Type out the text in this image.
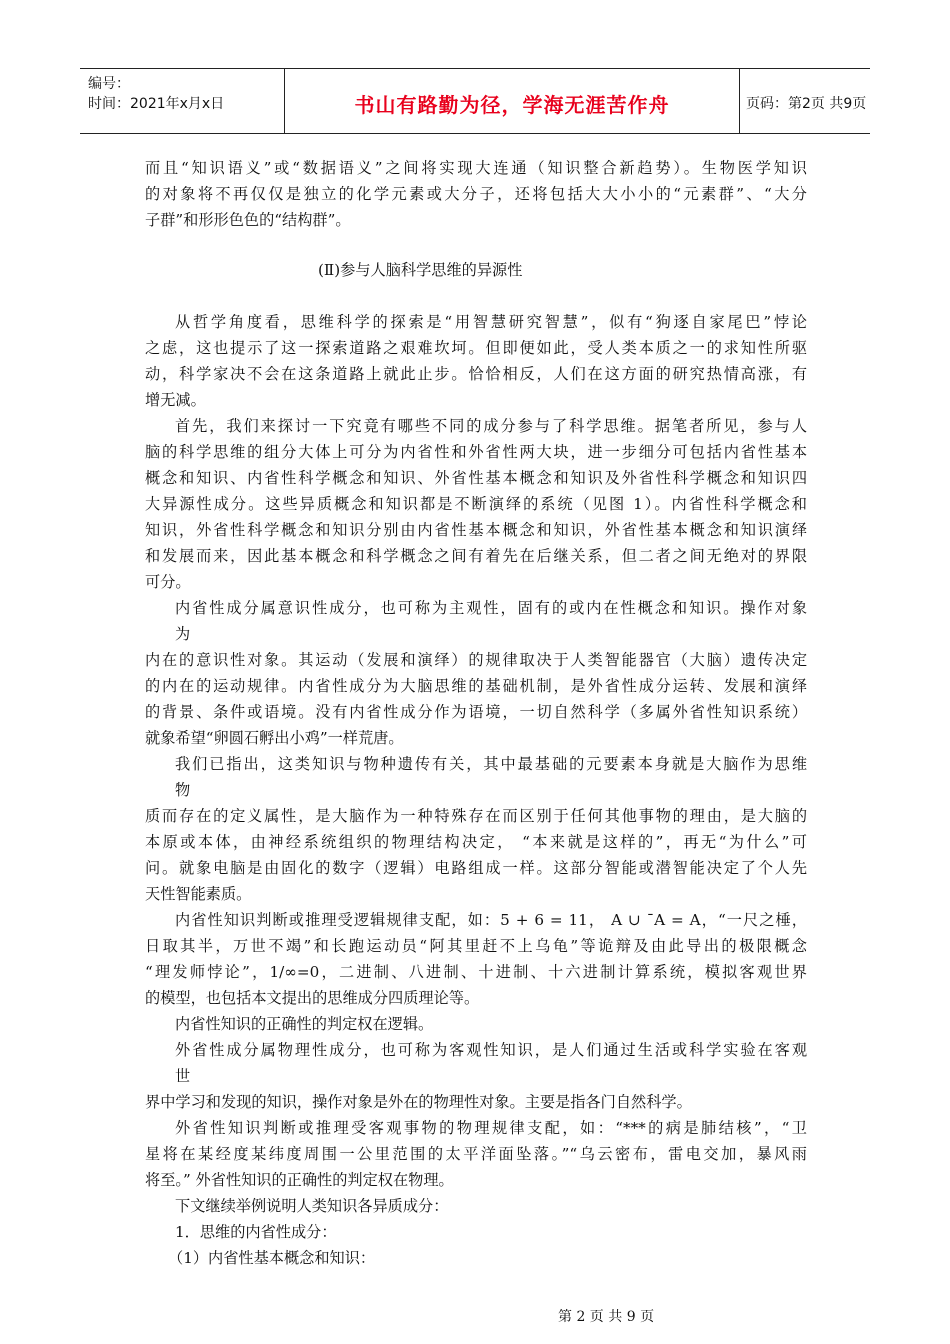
编号：
时间：2021年x月x日	书山有路勤为径，学海无涯苦作舟	页码：第2页 共9页
而且“知识语义”或“数据语义”之间将实现大连通（知识整合新趋势）。生物医学知识
的对象将不再仅仅是独立的化学元素或大分子，还将包括大大小小的“元素群”、“大分
子群”和形形色色的“结构群”。
(Ⅱ)参与人脑科学思维的异源性
从哲学角度看，思维科学的探索是“用智慧研究智慧”，似有“狗逐自家尾巴”悖论
之虑，这也提示了这一探索道路之艰难坎坷。但即便如此，受人类本质之一的求知性所驱
动，科学家决不会在这条道路上就此止步。恰恰相反，人们在这方面的研究热情高涨，有
增无减。
首先，我们来探讨一下究竟有哪些不同的成分参与了科学思维。据笔者所见，参与人
脑的科学思维的组分大体上可分为内省性和外省性两大块，进一步细分可包括内省性基本
概念和知识、内省性科学概念和知识、外省性基本概念和知识及外省性科学概念和知识四
大异源性成分。这些异质概念和知识都是不断演绎的系统（见图 1）。内省性科学概念和
知识，外省性科学概念和知识分别由内省性基本概念和知识，外省性基本概念和知识演绎
和发展而来，因此基本概念和科学概念之间有着先在后继关系，但二者之间无绝对的界限
可分。
内省性成分属意识性成分，也可称为主观性，固有的或内在性概念和知识。操作对象
为
内在的意识性对象。其运动（发展和演绎）的规律取决于人类智能器官（大脑）遗传决定
的内在的运动规律。内省性成分为大脑思维的基础机制，是外省性成分运转、发展和演绎
的背景、条件或语境。没有内省性成分作为语境，一切自然科学（多属外省性知识系统）
就象希望“卵圆石孵出小鸡”一样荒唐。
我们已指出，这类知识与物种遗传有关，其中最基础的元要素本身就是大脑作为思维
物
质而存在的定义属性，是大脑作为一种特殊存在而区别于任何其他事物的理由，是大脑的
本原或本体，由神经系统组织的物理结构决定， “本来就是这样的”，再无“为什么”可
问。就象电脑是由固化的数字（逻辑）电路组成一样。这部分智能或潜智能决定了个人先
天性智能素质。
内省性知识判断或推理受逻辑规律支配，如：5 + 6 = 11， A ∪ ˉA = A，“一尺之棰，
日取其半，万世不竭”和长跑运动员“阿其里赶不上乌龟”等诡辩及由此导出的极限概念
“理发师悖论”，1/∞=0，二进制、八进制、十进制、十六进制计算系统，模拟客观世界
的模型，也包括本文提出的思维成分四质理论等。
内省性知识的正确性的判定权在逻辑。
外省性成分属物理性成分，也可称为客观性知识，是人们通过生活或科学实验在客观
世
界中学习和发现的知识，操作对象是外在的物理性对象。主要是指各门自然科学。
外省性知识判断或推理受客观事物的物理规律支配，如：“***的病是肺结核”，“卫
星将在某经度某纬度周围一公里范围的太平洋面坠落。”“乌云密布，雷电交加，暴风雨
将至。” 外省性知识的正确性的判定权在物理。
下文继续举例说明人类知识各异质成分：
1．思维的内省性成分：
（1）内省性基本概念和知识：
第 2 页 共 9 页
